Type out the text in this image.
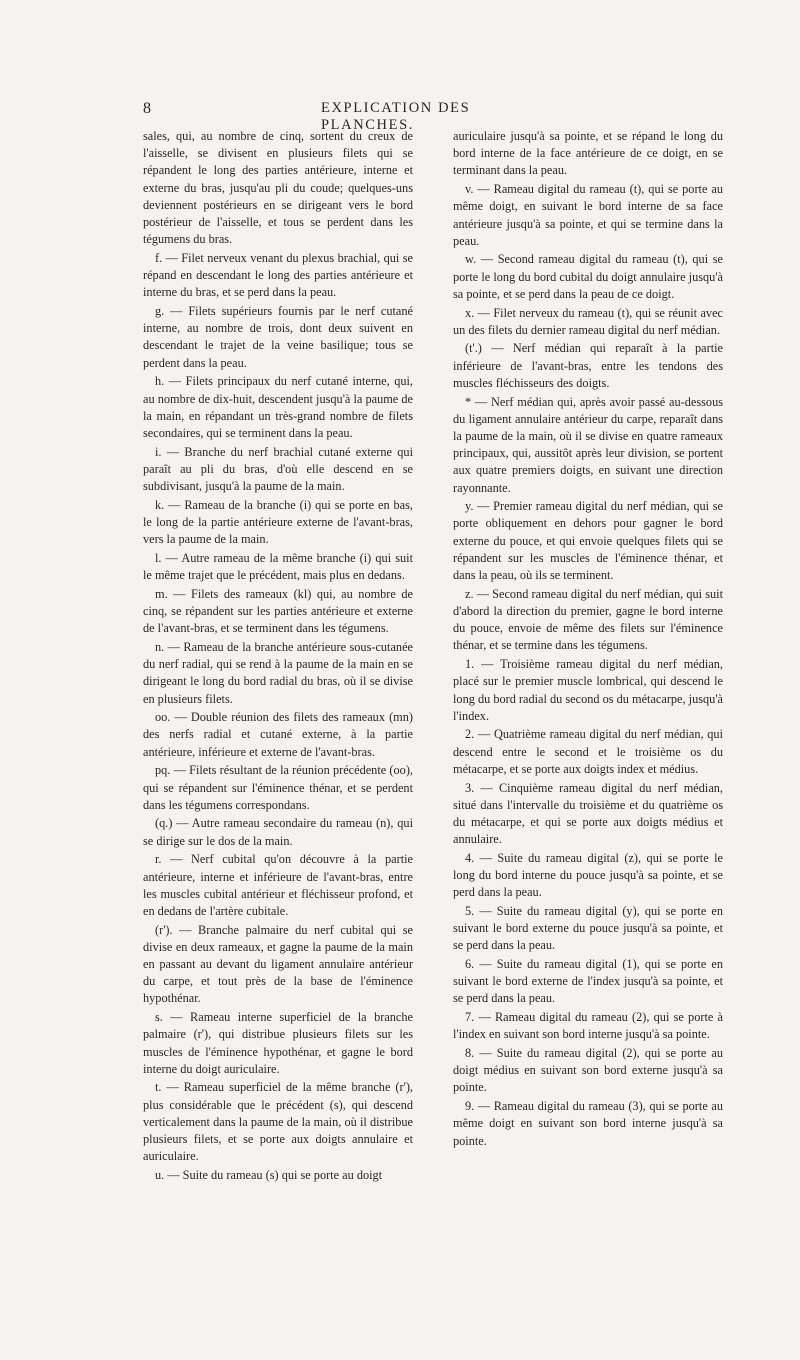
8	EXPLICATION DES PLANCHES.

sales, qui, au nombre de cinq, sortent du creux de l'aisselle, se divisent en plusieurs filets qui se répandent le long des parties antérieure, interne et externe du bras, jusqu'au pli du coude; quelques-uns deviennent postérieurs en se dirigeant vers le bord postérieur de l'aisselle, et tous se perdent dans les tégumens du bras.

f. — Filet nerveux venant du plexus brachial, qui se répand en descendant le long des parties antérieure et interne du bras, et se perd dans la peau.

g. — Filets supérieurs fournis par le nerf cutané interne, au nombre de trois, dont deux suivent en descendant le trajet de la veine basilique; tous se perdent dans la peau.

h. — Filets principaux du nerf cutané interne, qui, au nombre de dix-huit, descendent jusqu'à la paume de la main, en répandant un très-grand nombre de filets secondaires, qui se terminent dans la peau.

i. — Branche du nerf brachial cutané externe qui paraît au pli du bras, d'où elle descend en se subdivisant, jusqu'à la paume de la main.

k. — Rameau de la branche (i) qui se porte en bas, le long de la partie antérieure externe de l'avant-bras, vers la paume de la main.

l. — Autre rameau de la même branche (i) qui suit le même trajet que le précédent, mais plus en dedans.

m. — Filets des rameaux (kl) qui, au nombre de cinq, se répandent sur les parties antérieure et externe de l'avant-bras, et se terminent dans les tégumens.

n. — Rameau de la branche antérieure sous-cutanée du nerf radial, qui se rend à la paume de la main en se dirigeant le long du bord radial du bras, où il se divise en plusieurs filets.

oo. — Double réunion des filets des rameaux (mn) des nerfs radial et cutané externe, à la partie antérieure, inférieure et externe de l'avant-bras.

pq. — Filets résultant de la réunion précédente (oo), qui se répandent sur l'éminence thénar, et se perdent dans les tégumens correspondans.

(q.) — Autre rameau secondaire du rameau (n), qui se dirige sur le dos de la main.

r. — Nerf cubital qu'on découvre à la partie antérieure, interne et inférieure de l'avant-bras, entre les muscles cubital antérieur et fléchisseur profond, et en dedans de l'artère cubitale.

(r'). — Branche palmaire du nerf cubital qui se divise en deux rameaux, et gagne la paume de la main en passant au devant du ligament annulaire antérieur du carpe, et tout près de la base de l'éminence hypothénar.

s. — Rameau interne superficiel de la branche palmaire (r'), qui distribue plusieurs filets sur les muscles de l'éminence hypothénar, et gagne le bord interne du doigt auriculaire.

t. — Rameau superficiel de la même branche (r'), plus considérable que le précédent (s), qui descend verticalement dans la paume de la main, où il distribue plusieurs filets, et se porte aux doigts annulaire et auriculaire.

u. — Suite du rameau (s) qui se porte au doigt

auriculaire jusqu'à sa pointe, et se répand le long du bord interne de la face antérieure de ce doigt, en se terminant dans la peau.

v. — Rameau digital du rameau (t), qui se porte au même doigt, en suivant le bord interne de sa face antérieure jusqu'à sa pointe, et qui se termine dans la peau.

w. — Second rameau digital du rameau (t), qui se porte le long du bord cubital du doigt annulaire jusqu'à sa pointe, et se perd dans la peau de ce doigt.

x. — Filet nerveux du rameau (t), qui se réunit avec un des filets du dernier rameau digital du nerf médian.

(t'.) — Nerf médian qui reparaît à la partie inférieure de l'avant-bras, entre les tendons des muscles fléchisseurs des doigts.

* — Nerf médian qui, après avoir passé au-dessous du ligament annulaire antérieur du carpe, reparaît dans la paume de la main, où il se divise en quatre rameaux principaux, qui, aussitôt après leur division, se portent aux quatre premiers doigts, en suivant une direction rayonnante.

y. — Premier rameau digital du nerf médian, qui se porte obliquement en dehors pour gagner le bord externe du pouce, et qui envoie quelques filets qui se répandent sur les muscles de l'éminence thénar, et dans la peau, où ils se terminent.

z. — Second rameau digital du nerf médian, qui suit d'abord la direction du premier, gagne le bord interne du pouce, envoie de même des filets sur l'éminence thénar, et se termine dans les tégumens.

1. — Troisième rameau digital du nerf médian, placé sur le premier muscle lombrical, qui descend le long du bord radial du second os du métacarpe, jusqu'à l'index.

2. — Quatrième rameau digital du nerf médian, qui descend entre le second et le troisième os du métacarpe, et se porte aux doigts index et médius.

3. — Cinquième rameau digital du nerf médian, situé dans l'intervalle du troisième et du quatrième os du métacarpe, et qui se porte aux doigts médius et annulaire.

4. — Suite du rameau digital (z), qui se porte le long du bord interne du pouce jusqu'à sa pointe, et se perd dans la peau.

5. — Suite du rameau digital (y), qui se porte en suivant le bord externe du pouce jusqu'à sa pointe, et se perd dans la peau.

6. — Suite du rameau digital (1), qui se porte en suivant le bord externe de l'index jusqu'à sa pointe, et se perd dans la peau.

7. — Rameau digital du rameau (2), qui se porte à l'index en suivant son bord interne jusqu'à sa pointe.

8. — Suite du rameau digital (2), qui se porte au doigt médius en suivant son bord externe jusqu'à sa pointe.

9. — Rameau digital du rameau (3), qui se porte au même doigt en suivant son bord interne jusqu'à sa pointe.
